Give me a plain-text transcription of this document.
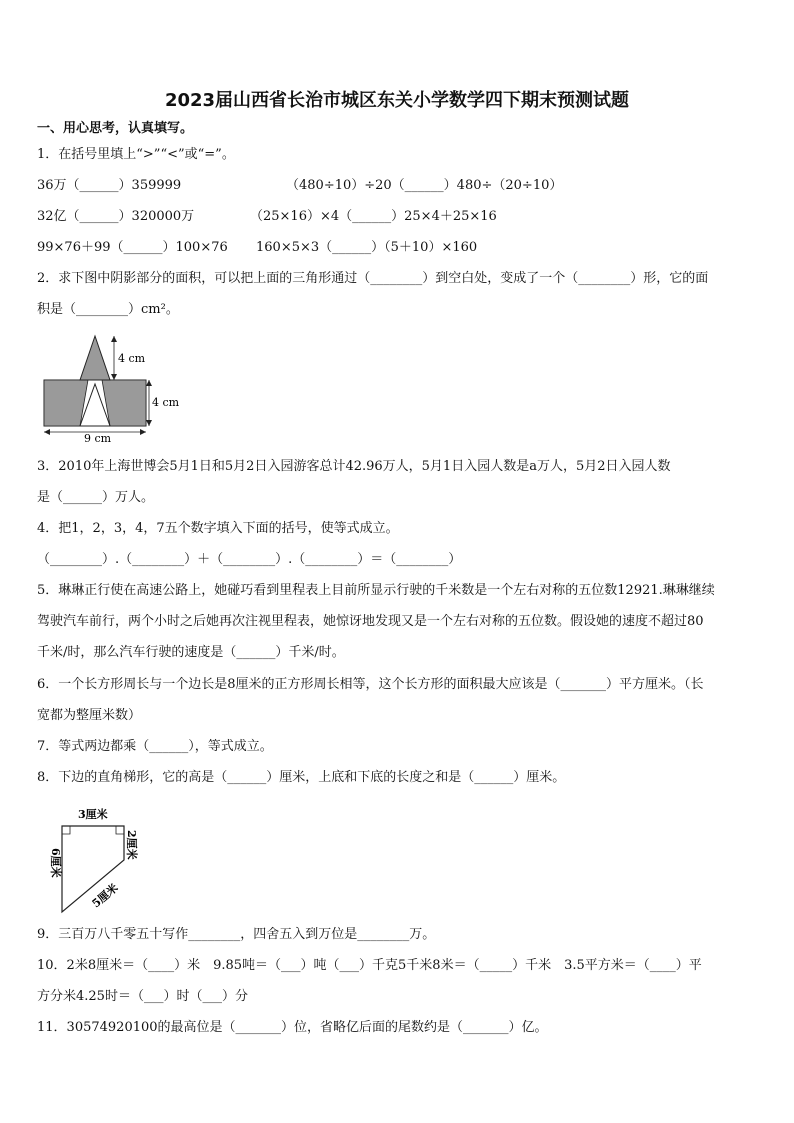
2023届山西省长治市城区东关小学数学四下期末预测试题
一、用心思考，认真填写。
1．在括号里填上“>”“<”或“=”。
36万（______）359999	（480÷10）÷20（______）480÷（20÷10）
32亿（______）320000万	（25×16）×4（______）25×4＋25×16
99×76＋99（______）100×76	160×5×3（______）（5＋10）×160
2．求下图中阴影部分的面积，可以把上面的三角形通过（________）到空白处，变成了一个（________）形，它的面
积是（________）cm²。
4 cm
4 cm
9 cm
3．2010年上海世博会5月1日和5月2日入园游客总计42.96万人，5月1日入园人数是a万人，5月2日入园人数
是（______）万人。
4．把1，2，3，4，7五个数字填入下面的括号，使等式成立。
（________）.（________）＋（________）.（________）＝（________）
5．琳琳正行使在高速公路上，她碰巧看到里程表上目前所显示行驶的千米数是一个左右对称的五位数12921.琳琳继续
驾驶汽车前行，两个小时之后她再次注视里程表，她惊讶地发现又是一个左右对称的五位数。假设她的速度不超过80
千米/时，那么汽车行驶的速度是（______）千米/时。
6．一个长方形周长与一个边长是8厘米的正方形周长相等，这个长方形的面积最大应该是（_______）平方厘米。（长
宽都为整厘米数）
7．等式两边都乘（______），等式成立。
8．下边的直角梯形，它的高是（______）厘米，上底和下底的长度之和是（______）厘米。
3厘米
6厘米
2厘米
5厘米
9．三百万八千零五十写作________，四舍五入到万位是________万。
10．2米8厘米＝（____）米　9.85吨＝（___）吨（___）千克5千米8米＝（_____）千米　3.5平方米＝（____）平
方分米4.25时＝（___）时（___）分
11．30574920100的最高位是（_______）位，省略亿后面的尾数约是（_______）亿。
